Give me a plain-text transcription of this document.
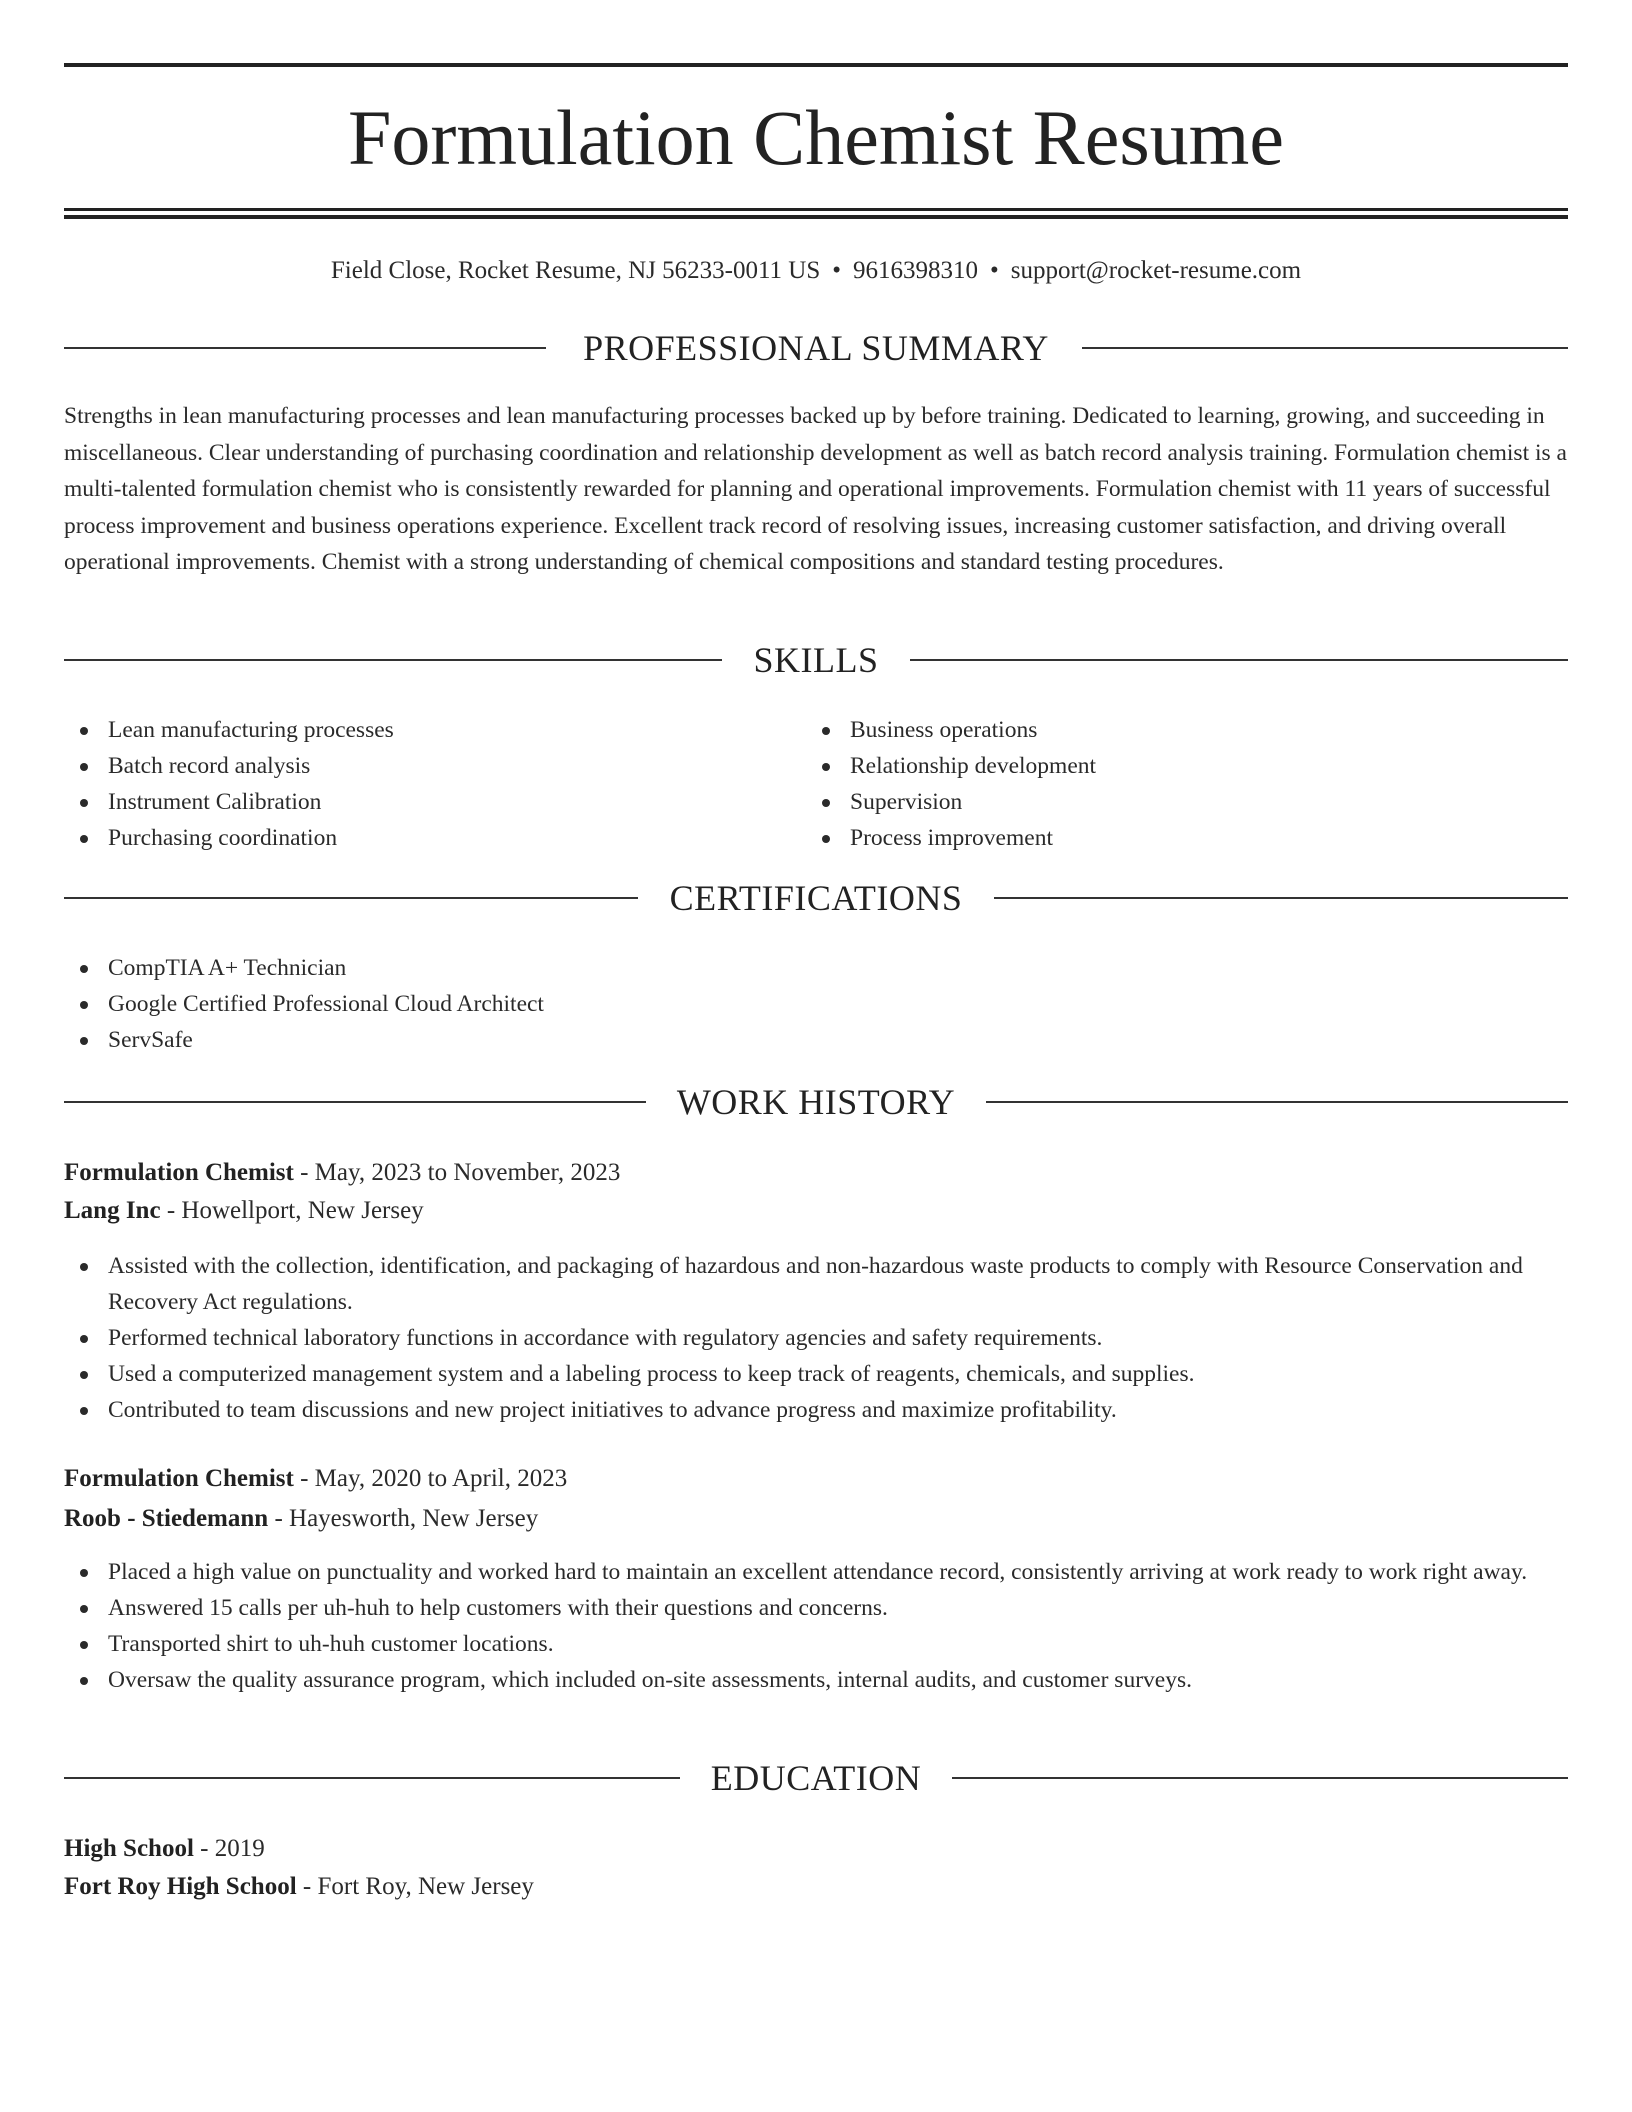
Formulation Chemist Resume
Field Close, Rocket Resume, NJ 56233-0011 US • 9616398310 • support@rocket-resume.com
PROFESSIONAL SUMMARY

Strengths in lean manufacturing processes and lean manufacturing processes backed up by before training. Dedicated to learning, growing, and succeeding in miscellaneous. Clear understanding of purchasing coordination and relationship development as well as batch record analysis training. Formulation chemist is a multi-talented formulation chemist who is consistently rewarded for planning and operational improvements. Formulation chemist with 11 years of successful process improvement and business operations experience. Excellent track record of resolving issues, increasing customer satisfaction, and driving overall operational improvements. Chemist with a strong understanding of chemical compositions and standard testing procedures.

SKILLS
Lean manufacturing processes
Batch record analysis
Instrument Calibration
Purchasing coordination
Business operations
Relationship development
Supervision
Process improvement
CERTIFICATIONS
CompTIA A+ Technician
Google Certified Professional Cloud Architect
ServSafe
WORK HISTORY
Formulation Chemist - May, 2023 to November, 2023
Lang Inc - Howellport, New Jersey
Assisted with the collection, identification, and packaging of hazardous and non-hazardous waste products to comply with Resource Conservation and Recovery Act regulations.
Performed technical laboratory functions in accordance with regulatory agencies and safety requirements.
Used a computerized management system and a labeling process to keep track of reagents, chemicals, and supplies.
Contributed to team discussions and new project initiatives to advance progress and maximize profitability.
Formulation Chemist - May, 2020 to April, 2023
Roob - Stiedemann - Hayesworth, New Jersey
Placed a high value on punctuality and worked hard to maintain an excellent attendance record, consistently arriving at work ready to work right away.
Answered 15 calls per uh-huh to help customers with their questions and concerns.
Transported shirt to uh-huh customer locations.
Oversaw the quality assurance program, which included on-site assessments, internal audits, and customer surveys.
EDUCATION
High School - 2019
Fort Roy High School - Fort Roy, New Jersey
